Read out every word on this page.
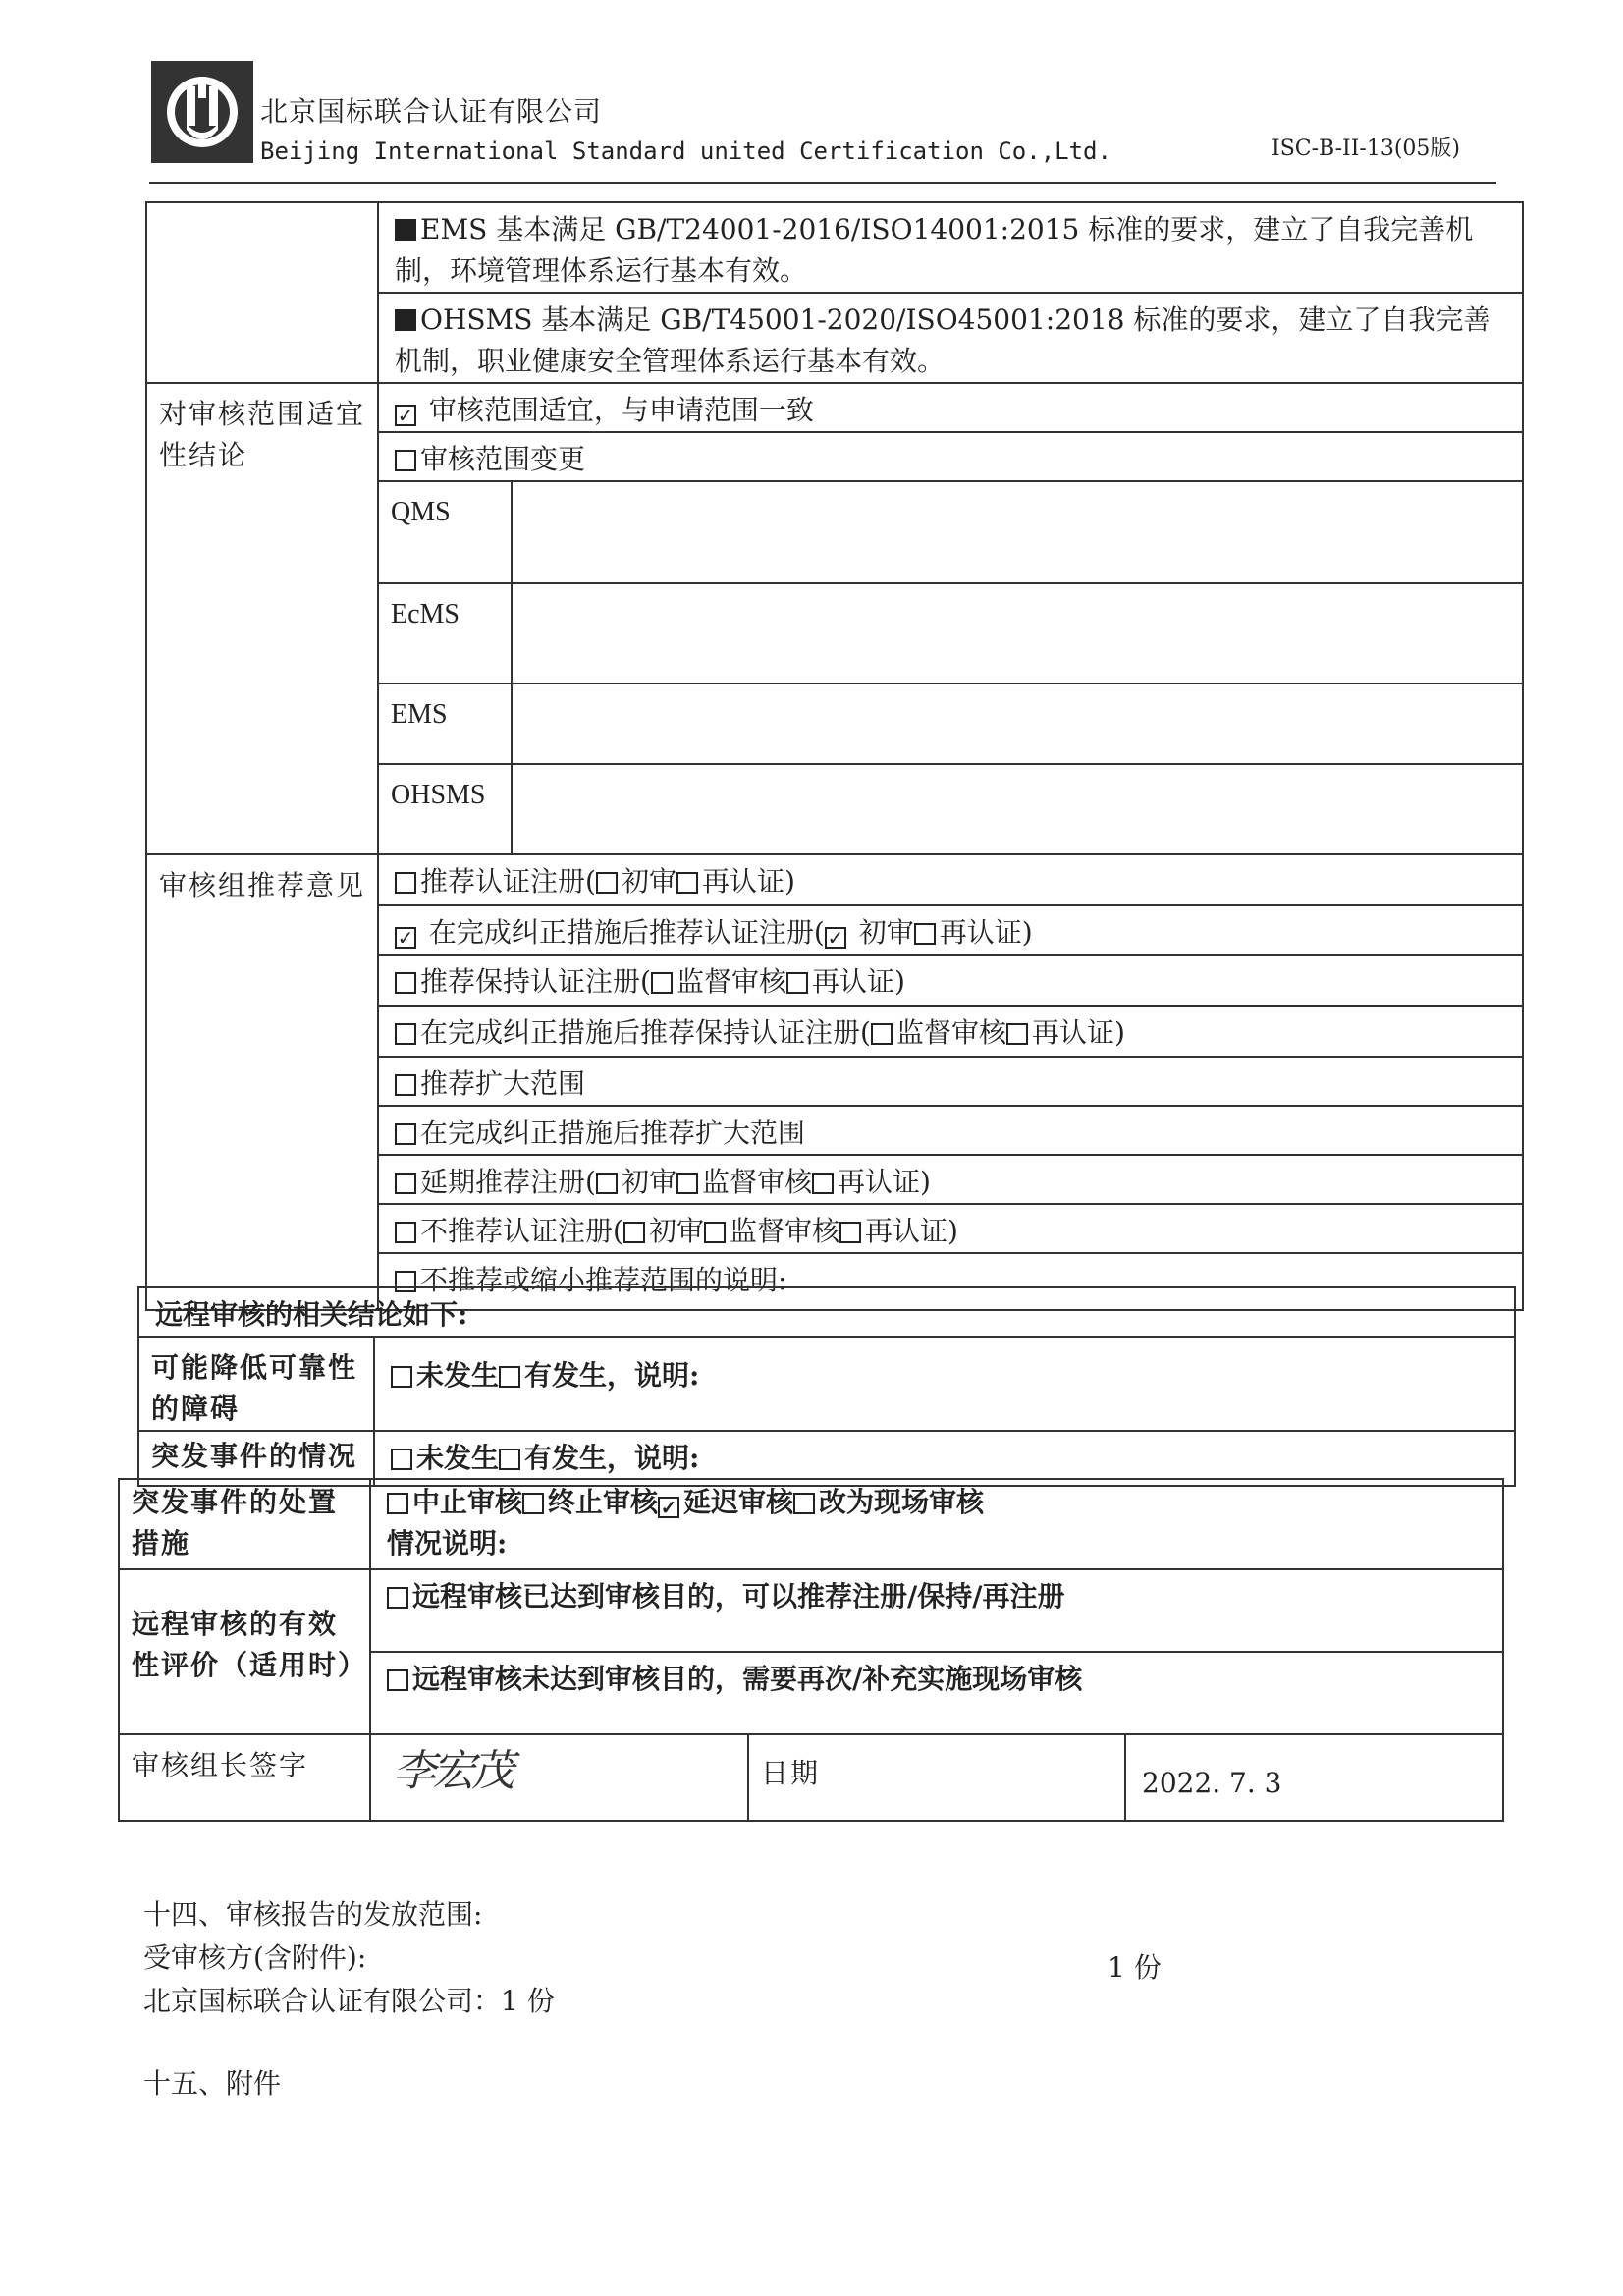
北京国标联合认证有限公司
Beijing International Standard united Certification Co.,Ltd.	ISC-B-II-13(05版)
	EMS 基本满足 GB/T24001-2016/ISO14001:2015 标准的要求，建立了自我完善机制，环境管理体系运行基本有效。	
	OHSMS 基本满足 GB/T45001-2020/ISO45001:2018 标准的要求，建立了自我完善机制，职业健康安全管理体系运行基本有效。	
对审核范围适宜性结论	✓ 审核范围适宜，与申请范围一致
	审核范围变更	
	QMS	
	EcMS	
	EMS	
	OHSMS	
审核组推荐意见	推荐认证注册( 初审 再认证)	
✓ 在完成纠正措施后推荐认证注册( ✓ 初审 再认证)
	推荐保持认证注册( 监督审核 再认证)	
	在完成纠正措施后推荐保持认证注册( 监督审核 再认证)	
	推荐扩大范围	
	在完成纠正措施后推荐扩大范围	
	延期推荐注册( 初审 监督审核 再认证)	
	不推荐认证注册( 初审 监督审核 再认证)	
	不推荐或缩小推荐范围的说明:	
远程审核的相关结论如下:	
可能降低可靠性的障碍	未发生 有发生，说明:
突发事件的情况	未发生 有发生，说明:
突发事件的处置措施	中止审核 终止审核 ✓ 延迟审核 改为现场审核
情况说明:
远程审核的有效性评价（适用时）	远程审核已达到审核目的，可以推荐注册/保持/再注册		
	远程审核未达到审核目的，需要再次/补充实施现场审核		
审核组长签字	李宏茂	日期	2022. 7. 3
十四、审核报告的发放范围:
受审核方(含附件):	1 份
北京国标联合认证有限公司：1 份
十五、附件
